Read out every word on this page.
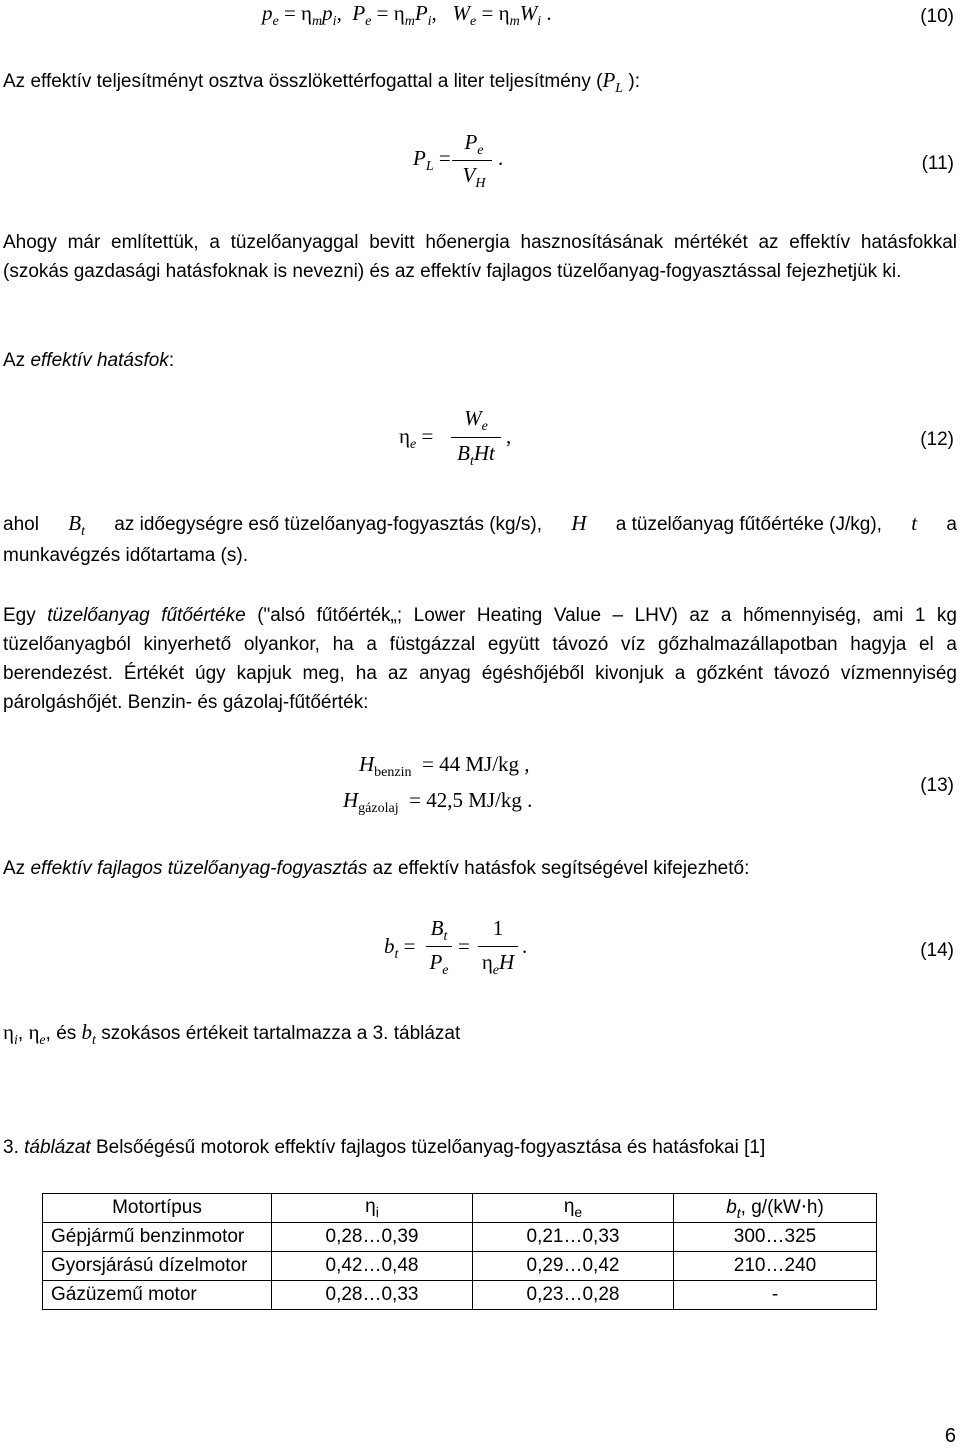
$p_e = \eta_mp_i$,  $P_e = \eta_mP_i$,   $W_e = \eta_mW_i$ .	(10)
Az effektív teljesítményt osztva összlökettérfogattal a liter teljesítmény ($P_L$ ):
$P_L$ =
$P_e$
$V_H$
.	(11)
Ahogy már említettük, a tüzelőanyaggal bevitt hőenergia hasznosításának mértékét az effektív hatásfokkal (szokás gazdasági hatásfoknak is nevezni) és az effektív fajlagos tüzelőanyag-fogyasztással fejezhetjük ki.
Az effektív hatásfok:
$\eta_e$ =
$W_e$
$B_tHt$
,	(12)
ahol $B_t$ az időegységre eső tüzelőanyag-fogyasztás (kg/s), H a tüzelőanyag fűtőértéke (J/kg), t a
munkavégzés időtartama (s).
Egy tüzelőanyag fűtőértéke ("alsó fűtőérték„; Lower Heating Value – LHV) az a hőmennyiség, ami 1 kg tüzelőanyagból kinyerhető olyankor, ha a füstgázzal együtt távozó víz gőzhalmazállapotban hagyja el a berendezést. Értékét úgy kapjuk meg, ha az anyag égéshőjéből kivonjuk a gőzként távozó vízmennyiség párolgáshőjét. Benzin- és gázolaj-fűtőérték:
$H_{benzin} = 44$ MJ/kg ,
$H_{gázolaj} = 42,5$ MJ/kg .
(13)
Az effektív fajlagos tüzelőanyag-fogyasztás az effektív hatásfok segítségével kifejezhető:
$b_t$ =
$B_t$
$P_e$
=
1
$\eta_eH$
.	(14)
$\eta_i$, $\eta_e$, és $b_t$ szokásos értékeit tartalmazza a 3. táblázat
3. táblázat Belsőégésű motorok effektív fajlagos tüzelőanyag-fogyasztása és hatásfokai [1]
Motortípus	$\eta_i$	$\eta_e$	$b_t$, g/(kW⋅h)
Gépjármű benzinmotor	0,28…0,39	0,21…0,33	300…325
Gyorsjárású dízelmotor	0,42…0,48	0,29…0,42	210…240
Gázüzemű motor	0,28…0,33	0,23…0,28	-
6
